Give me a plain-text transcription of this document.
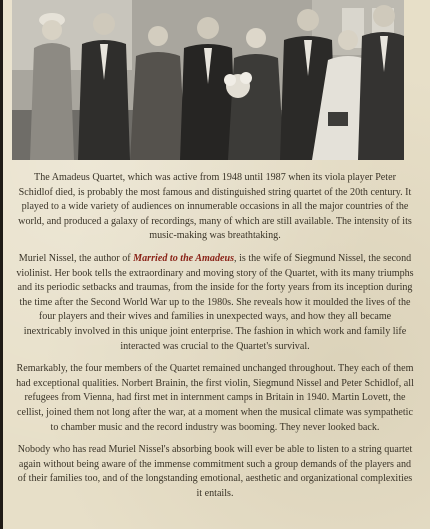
The Amadeus Quartet, which was active from 1948 until 1987 when its viola player Peter Schidlof died, is probably the most famous and distinguished string quartet of the 20th century. It played to a wide variety of audiences on innumerable occasions in all the major countries of the world, and produced a galaxy of recordings, many of which are still available. The intensity of its music-making was breathtaking.

Muriel Nissel, the author of Married to the Amadeus, is the wife of Siegmund Nissel, the second violinist. Her book tells the extraordinary and moving story of the Quartet, with its many triumphs and its periodic setbacks and traumas, from the inside for the forty years from its inception during the time after the Second World War up to the 1980s. She reveals how it moulded the lives of the four players and their wives and families in unexpected ways, and how they all became inextricably involved in this unique joint enterprise. The fashion in which work and family life interacted was crucial to the Quartet's survival.

Remarkably, the four members of the Quartet remained unchanged throughout. They each of them had exceptional qualities. Norbert Brainin, the first violin, Siegmund Nissel and Peter Schidlof, all refugees from Vienna, had first met in internment camps in Britain in 1940. Martin Lovett, the cellist, joined them not long after the war, at a moment when the musical climate was sympathetic to chamber music and the record industry was booming. They never looked back.

Nobody who has read Muriel Nissel's absorbing book will ever be able to listen to a string quartet again without being aware of the immense commitment such a group demands of the players and of their families too, and of the longstanding emotional, aesthetic and organizational complexities it entails.
